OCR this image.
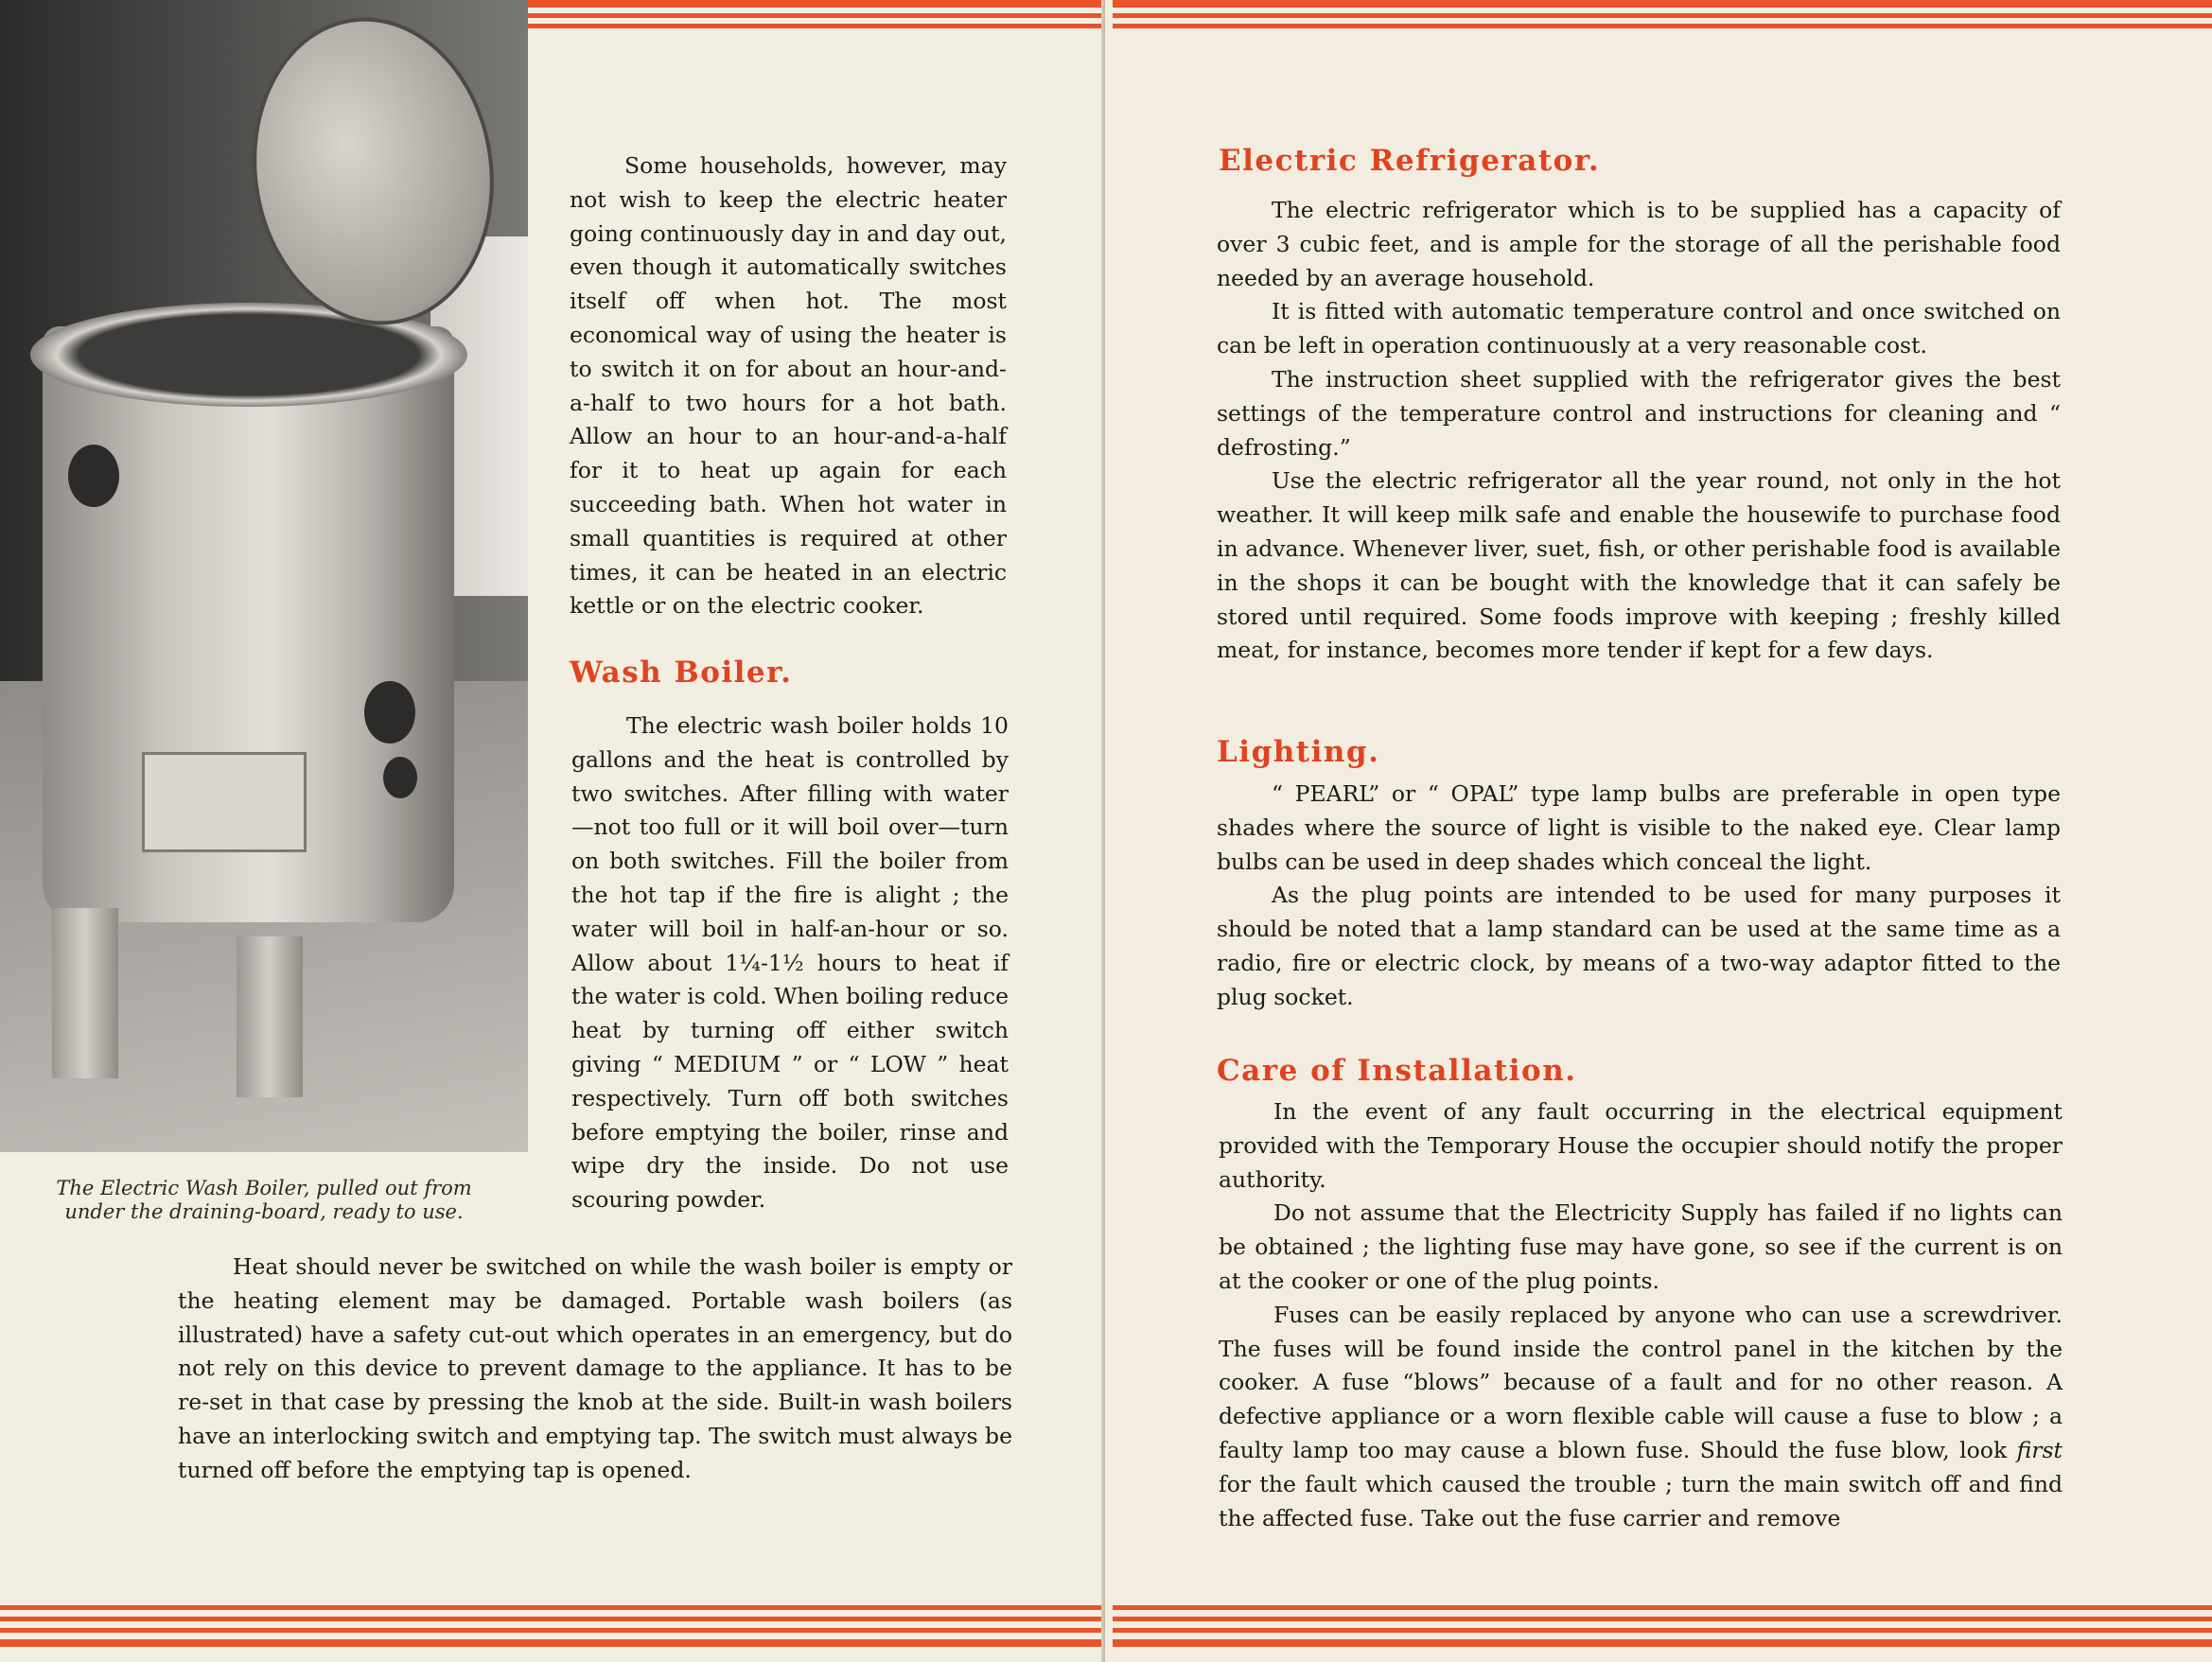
The Electric Wash Boiler, pulled out from

under the draining-board, ready to use.

Some households, however, may not wish to keep the electric heater going continuously day in and day out, even though it automatically switches itself off when hot. The most economical way of using the heater is to switch it on for about an hour-and-a-half to two hours for a hot bath. Allow an hour to an hour-and-a-half for it to heat up again for each succeeding bath. When hot water in small quantities is required at other times, it can be heated in an electric kettle or on the electric cooker.

Wash Boiler.

The electric wash boiler holds 10 gallons and the heat is controlled by two switches. After filling with water—not too full or it will boil over—turn on both switches. Fill the boiler from the hot tap if the fire is alight ; the water will boil in half-an-hour or so. Allow about 1¼-1½ hours to heat if the water is cold. When boiling reduce heat by turning off either switch giving “ MEDIUM ” or “ LOW ” heat respectively. Turn off both switches before emptying the boiler, rinse and wipe dry the inside. Do not use scouring powder.

Heat should never be switched on while the wash boiler is empty or the heating element may be damaged. Portable wash boilers (as illustrated) have a safety cut-out which operates in an emergency, but do not rely on this device to prevent damage to the appliance. It has to be re-set in that case by pressing the knob at the side. Built-in wash boilers have an interlocking switch and emptying tap. The switch must always be turned off before the emptying tap is opened.

Electric Refrigerator.

The electric refrigerator which is to be supplied has a capacity of over 3 cubic feet, and is ample for the storage of all the perishable food needed by an average household.

It is fitted with automatic temperature control and once switched on can be left in operation continuously at a very reasonable cost.

The instruction sheet supplied with the refrigerator gives the best settings of the temperature control and instructions for cleaning and “ defrosting.”

Use the electric refrigerator all the year round, not only in the hot weather. It will keep milk safe and enable the housewife to purchase food in advance. Whenever liver, suet, fish, or other perishable food is available in the shops it can be bought with the knowledge that it can safely be stored until required. Some foods improve with keeping ; freshly killed meat, for instance, becomes more tender if kept for a few days.

Lighting.

“ PEARL” or “ OPAL” type lamp bulbs are preferable in open type shades where the source of light is visible to the naked eye. Clear lamp bulbs can be used in deep shades which conceal the light.

As the plug points are intended to be used for many purposes it should be noted that a lamp standard can be used at the same time as a radio, fire or electric clock, by means of a two-way adaptor fitted to the plug socket.

Care of Installation.

In the event of any fault occurring in the electrical equipment provided with the Temporary House the occupier should notify the proper authority.

Do not assume that the Electricity Supply has failed if no lights can be obtained ; the lighting fuse may have gone, so see if the current is on at the cooker or one of the plug points.

Fuses can be easily replaced by anyone who can use a screwdriver. The fuses will be found inside the control panel in the kitchen by the cooker. A fuse “blows” because of a fault and for no other reason. A defective appliance or a worn flexible cable will cause a fuse to blow ; a faulty lamp too may cause a blown fuse. Should the fuse blow, look first for the fault which caused the trouble ; turn the main switch off and find the affected fuse. Take out the fuse carrier and remove
